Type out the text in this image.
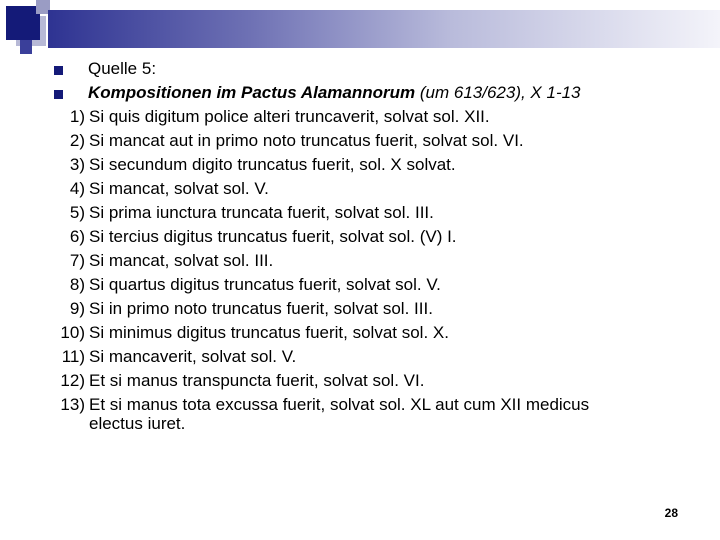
Quelle 5:
Kompositionen im Pactus Alamannorum (um 613/623), X 1-13
1) Si quis digitum police alteri truncaverit, solvat sol. XII.
2) Si mancat aut in primo noto truncatus fuerit, solvat sol. VI.
3) Si secundum digito truncatus fuerit, sol. X solvat.
4) Si mancat, solvat sol. V.
5) Si prima iunctura truncata fuerit, solvat sol. III.
6) Si tercius digitus truncatus fuerit, solvat sol. (V) I.
7) Si mancat, solvat sol. III.
8) Si quartus digitus truncatus fuerit, solvat sol. V.
9) Si in primo noto truncatus fuerit, solvat sol. III.
10) Si minimus digitus truncatus fuerit, solvat sol. X.
11) Si mancaverit, solvat sol. V.
12) Et si manus transpuncta fuerit, solvat sol. VI.
13) Et si manus tota excussa fuerit, solvat sol. XL aut cum XII medicus
electus iuret.
28
